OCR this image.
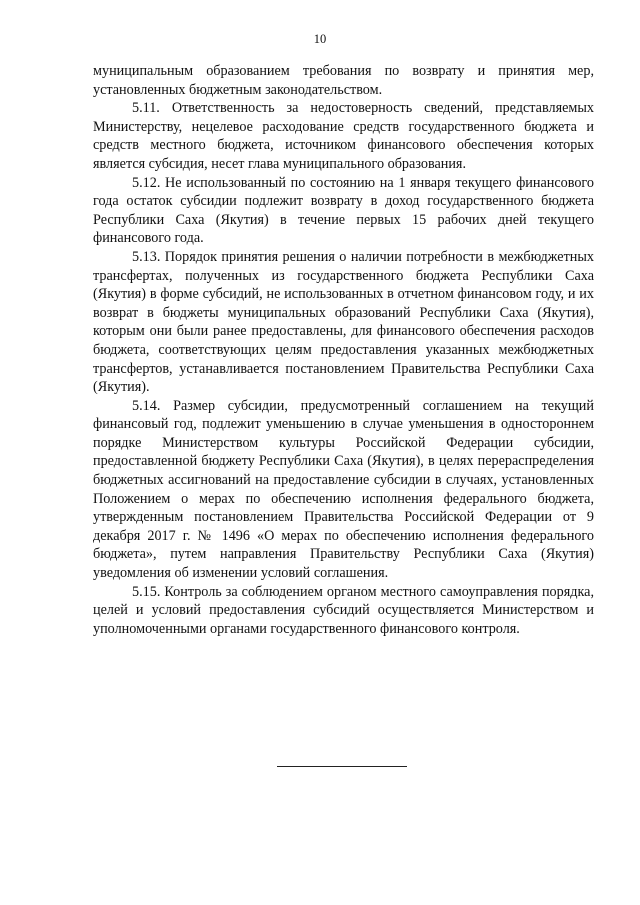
10

муниципальным образованием требования по возврату и принятия мер, установленных бюджетным законодательством.

5.11. Ответственность за недостоверность сведений, представляемых Министерству, нецелевое расходование средств государственного бюджета и средств местного бюджета, источником финансового обеспечения которых является субсидия, несет глава муниципального образования.

5.12. Не использованный по состоянию на 1 января текущего финансового года остаток субсидии подлежит возврату в доход государственного бюджета Республики Саха (Якутия) в течение первых 15 рабочих дней текущего финансового года.

5.13. Порядок принятия решения о наличии потребности в межбюджетных трансфертах, полученных из государственного бюджета Республики Саха (Якутия) в форме субсидий, не использованных в отчетном финансовом году, и их возврат в бюджеты муниципальных образований Республики Саха (Якутия), которым они были ранее предоставлены, для финансового обеспечения расходов бюджета, соответствующих целям предоставления указанных межбюджетных трансфертов, устанавливается постановлением Правительства Республики Саха (Якутия).

5.14. Размер субсидии, предусмотренный соглашением на текущий финансовый год, подлежит уменьшению в случае уменьшения в одностороннем порядке Министерством культуры Российской Федерации субсидии, предоставленной бюджету Республики Саха (Якутия), в целях перераспределения бюджетных ассигнований на предоставление субсидии в случаях, установленных Положением о мерах по обеспечению исполнения федерального бюджета, утвержденным постановлением Правительства Российской Федерации от 9 декабря 2017 г. № 1496 «О мерах по обеспечению исполнения федерального бюджета», путем направления Правительству Республики Саха (Якутия) уведомления об изменении условий соглашения.

5.15. Контроль за соблюдением органом местного самоуправления порядка, целей и условий предоставления субсидий осуществляется Министерством и уполномоченными органами государственного финансового контроля.
